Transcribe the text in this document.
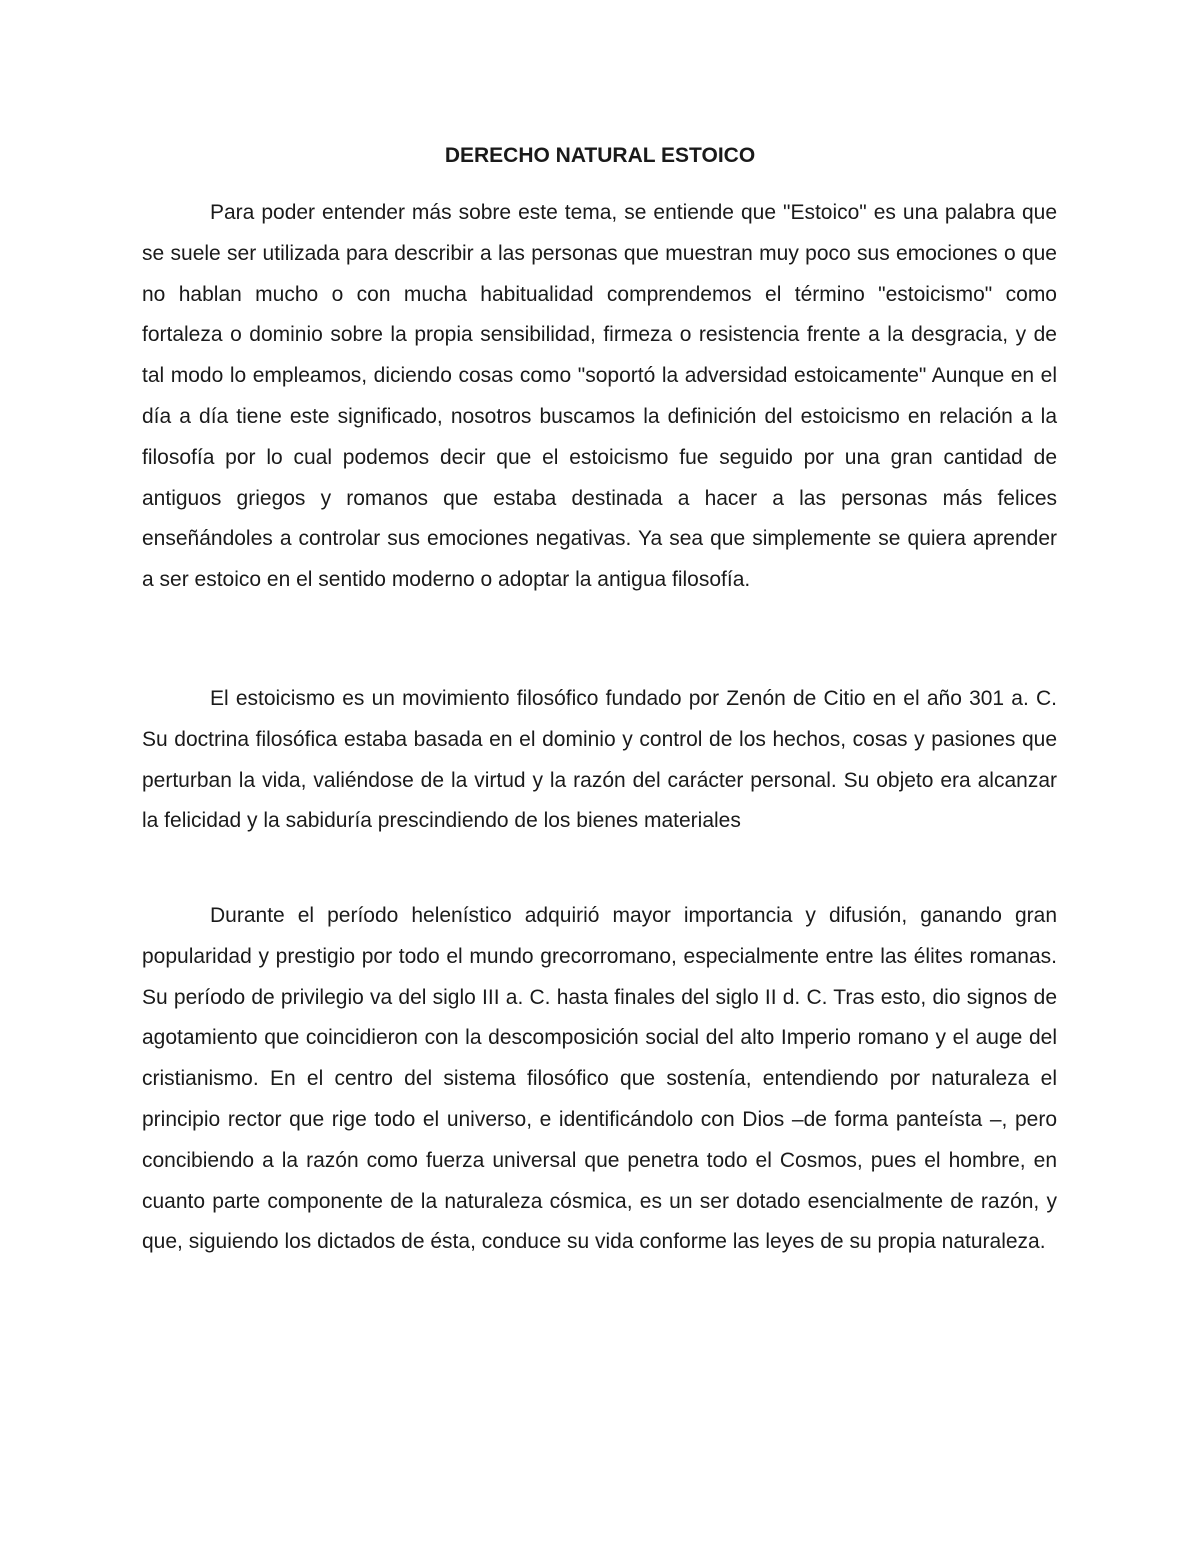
DERECHO NATURAL ESTOICO

Para poder entender más sobre este tema, se entiende que "Estoico" es una palabra que se suele ser utilizada para describir a las personas que muestran muy poco sus emociones o que no hablan mucho o con mucha habitualidad comprendemos el término "estoicismo" como fortaleza o dominio sobre la propia sensibilidad, firmeza o resistencia frente a la desgracia, y de tal modo lo empleamos, diciendo cosas como "soportó la adversidad estoicamente" Aunque en el día a día tiene este significado, nosotros buscamos la definición del estoicismo en relación a la filosofía por lo cual podemos decir que el estoicismo fue seguido por una gran cantidad de antiguos griegos y romanos que estaba destinada a hacer a las personas más felices enseñándoles a controlar sus emociones negativas. Ya sea que simplemente se quiera aprender a ser estoico en el sentido moderno o adoptar la antigua filosofía.

El estoicismo es un movimiento filosófico fundado por Zenón de Citio en el año 301 a. C. Su doctrina filosófica estaba basada en el dominio y control de los hechos, cosas y pasiones que perturban la vida, valiéndose de la virtud y la razón del carácter personal. Su objeto era alcanzar la felicidad y la sabiduría prescindiendo de los bienes materiales

Durante el período helenístico adquirió mayor importancia y difusión, ganando gran popularidad y prestigio por todo el mundo grecorromano, especialmente entre las élites romanas. Su período de privilegio va del siglo III a. C. hasta finales del siglo II d. C. Tras esto, dio signos de agotamiento que coincidieron con la descomposición social del alto Imperio romano y el auge del cristianismo. En el centro del sistema filosófico que sostenía, entendiendo por naturaleza el principio rector que rige todo el universo, e identificándolo con Dios –de forma panteísta –, pero concibiendo a la razón como fuerza universal que penetra todo el Cosmos, pues el hombre, en cuanto parte componente de la naturaleza cósmica, es un ser dotado esencialmente de razón, y que, siguiendo los dictados de ésta, conduce su vida conforme las leyes de su propia naturaleza.
